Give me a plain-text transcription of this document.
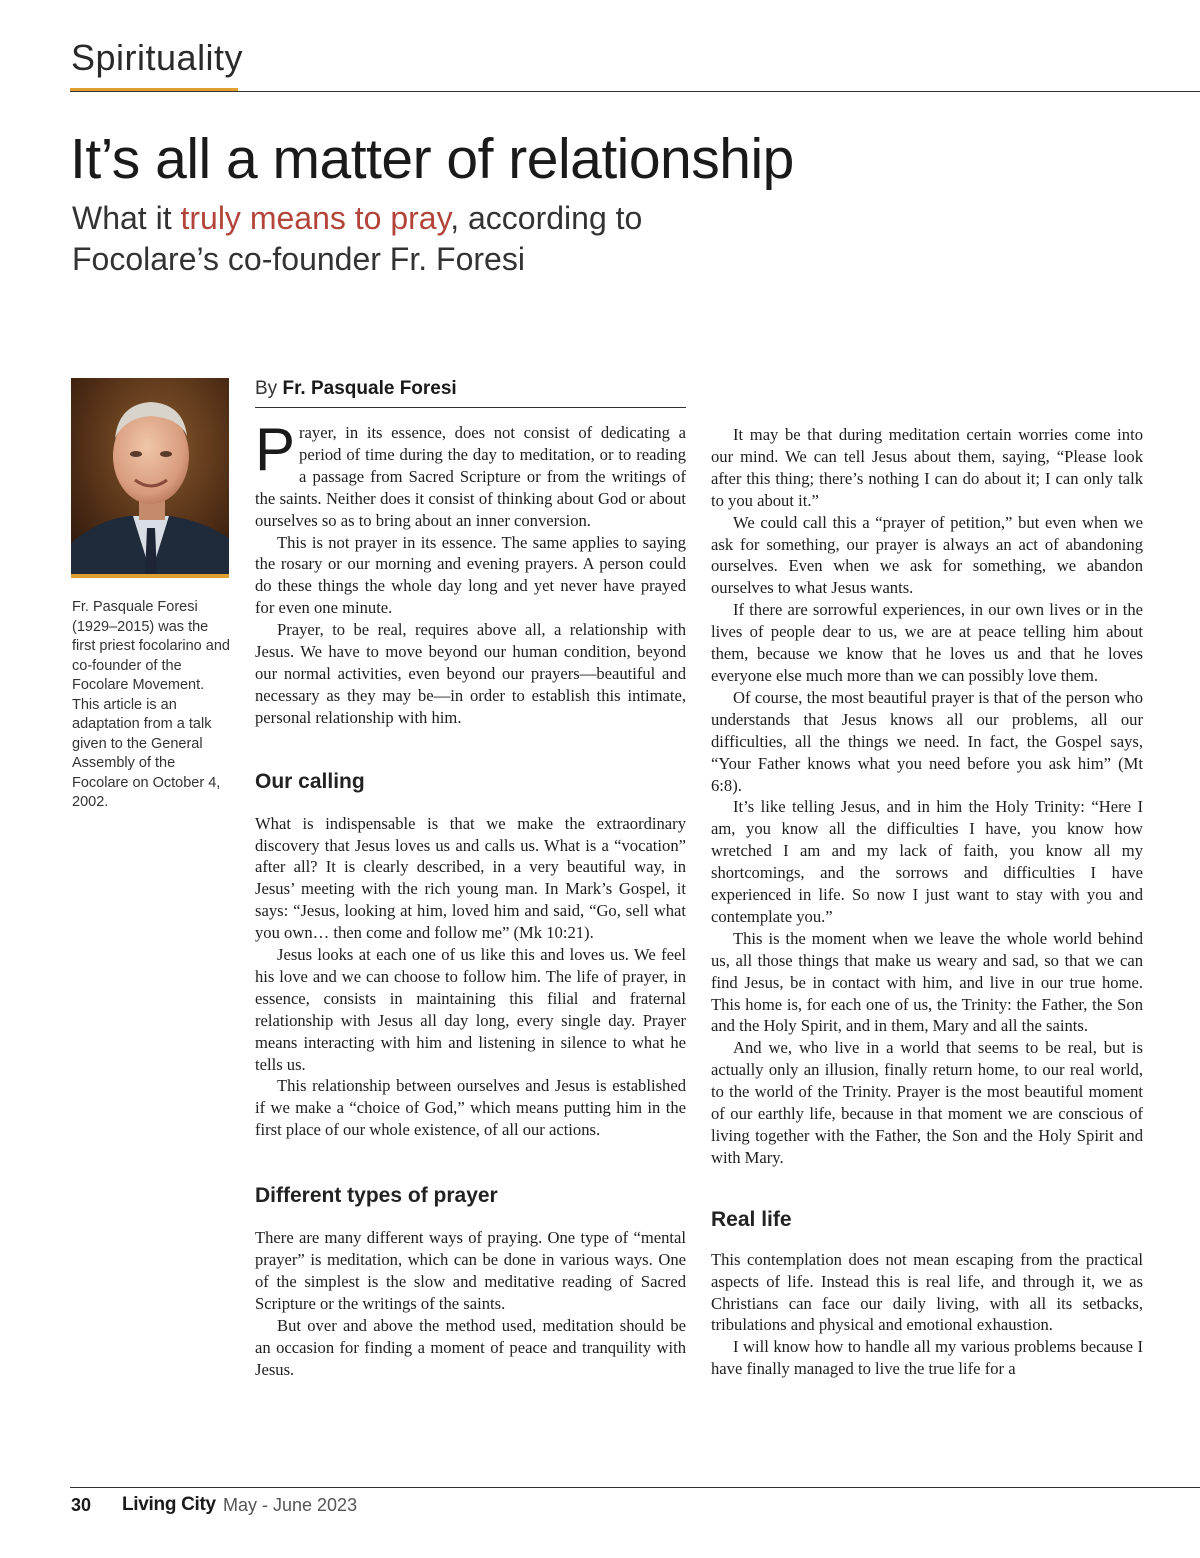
Spirituality
It’s all a matter of relationship

What it truly means to pray, according to Focolare’s co-founder Fr. Foresi

Fr. Pasquale Foresi (1929–2015) was the first priest focolarino and co-founder of the Focolare Movement. This article is an adaptation from a talk given to the General Assembly of the Focolare on October 4, 2002.

By Fr. Pasquale Foresi

Prayer, in its essence, does not consist of dedicating a period of time during the day to meditation, or to reading a passage from Sacred Scripture or from the writings of the saints. Neither does it consist of thinking about God or about ourselves so as to bring about an inner conversion.

This is not prayer in its essence. The same applies to saying the rosary or our morning and evening prayers. A person could do these things the whole day long and yet never have prayed for even one minute.

Prayer, to be real, requires above all, a relationship with Jesus. We have to move beyond our human condition, beyond our normal activities, even beyond our prayers—beautiful and necessary as they may be—in order to establish this intimate, personal relationship with him.

Our calling

What is indispensable is that we make the extraordinary discovery that Jesus loves us and calls us. What is a “vocation” after all? It is clearly described, in a very beautiful way, in Jesus’ meeting with the rich young man. In Mark’s Gospel, it says: “Jesus, looking at him, loved him and said, “Go, sell what you own… then come and follow me” (Mk 10:21).

Jesus looks at each one of us like this and loves us. We feel his love and we can choose to follow him. The life of prayer, in essence, consists in maintaining this filial and fraternal relationship with Jesus all day long, every single day. Prayer means interacting with him and listening in silence to what he tells us.

This relationship between ourselves and Jesus is established if we make a “choice of God,” which means putting him in the first place of our whole existence, of all our actions.

Different types of prayer

There are many different ways of praying. One type of “mental prayer” is meditation, which can be done in various ways. One of the simplest is the slow and meditative reading of Sacred Scripture or the writings of the saints.

But over and above the method used, meditation should be an occasion for finding a moment of peace and tranquility with Jesus.

It may be that during meditation certain worries come into our mind. We can tell Jesus about them, saying, “Please look after this thing; there’s nothing I can do about it; I can only talk to you about it.”

We could call this a “prayer of petition,” but even when we ask for something, our prayer is always an act of abandoning ourselves. Even when we ask for something, we abandon ourselves to what Jesus wants.

If there are sorrowful experiences, in our own lives or in the lives of people dear to us, we are at peace telling him about them, because we know that he loves us and that he loves everyone else much more than we can possibly love them.

Of course, the most beautiful prayer is that of the person who understands that Jesus knows all our problems, all our difficulties, all the things we need. In fact, the Gospel says, “Your Father knows what you need before you ask him” (Mt 6:8).

It’s like telling Jesus, and in him the Holy Trinity: “Here I am, you know all the difficulties I have, you know how wretched I am and my lack of faith, you know all my shortcomings, and the sorrows and difficulties I have experienced in life. So now I just want to stay with you and contemplate you.”

This is the moment when we leave the whole world behind us, all those things that make us weary and sad, so that we can find Jesus, be in contact with him, and live in our true home. This home is, for each one of us, the Trinity: the Father, the Son and the Holy Spirit, and in them, Mary and all the saints.

And we, who live in a world that seems to be real, but is actually only an illusion, finally return home, to our real world, to the world of the Trinity. Prayer is the most beautiful moment of our earthly life, because in that moment we are conscious of living together with the Father, the Son and the Holy Spirit and with Mary.

Real life

This contemplation does not mean escaping from the practical aspects of life. Instead this is real life, and through it, we as Christians can face our daily living, with all its setbacks, tribulations and physical and emotional exhaustion.

I will know how to handle all my various problems because I have finally managed to live the true life for a

30 Living City May - June 2023
